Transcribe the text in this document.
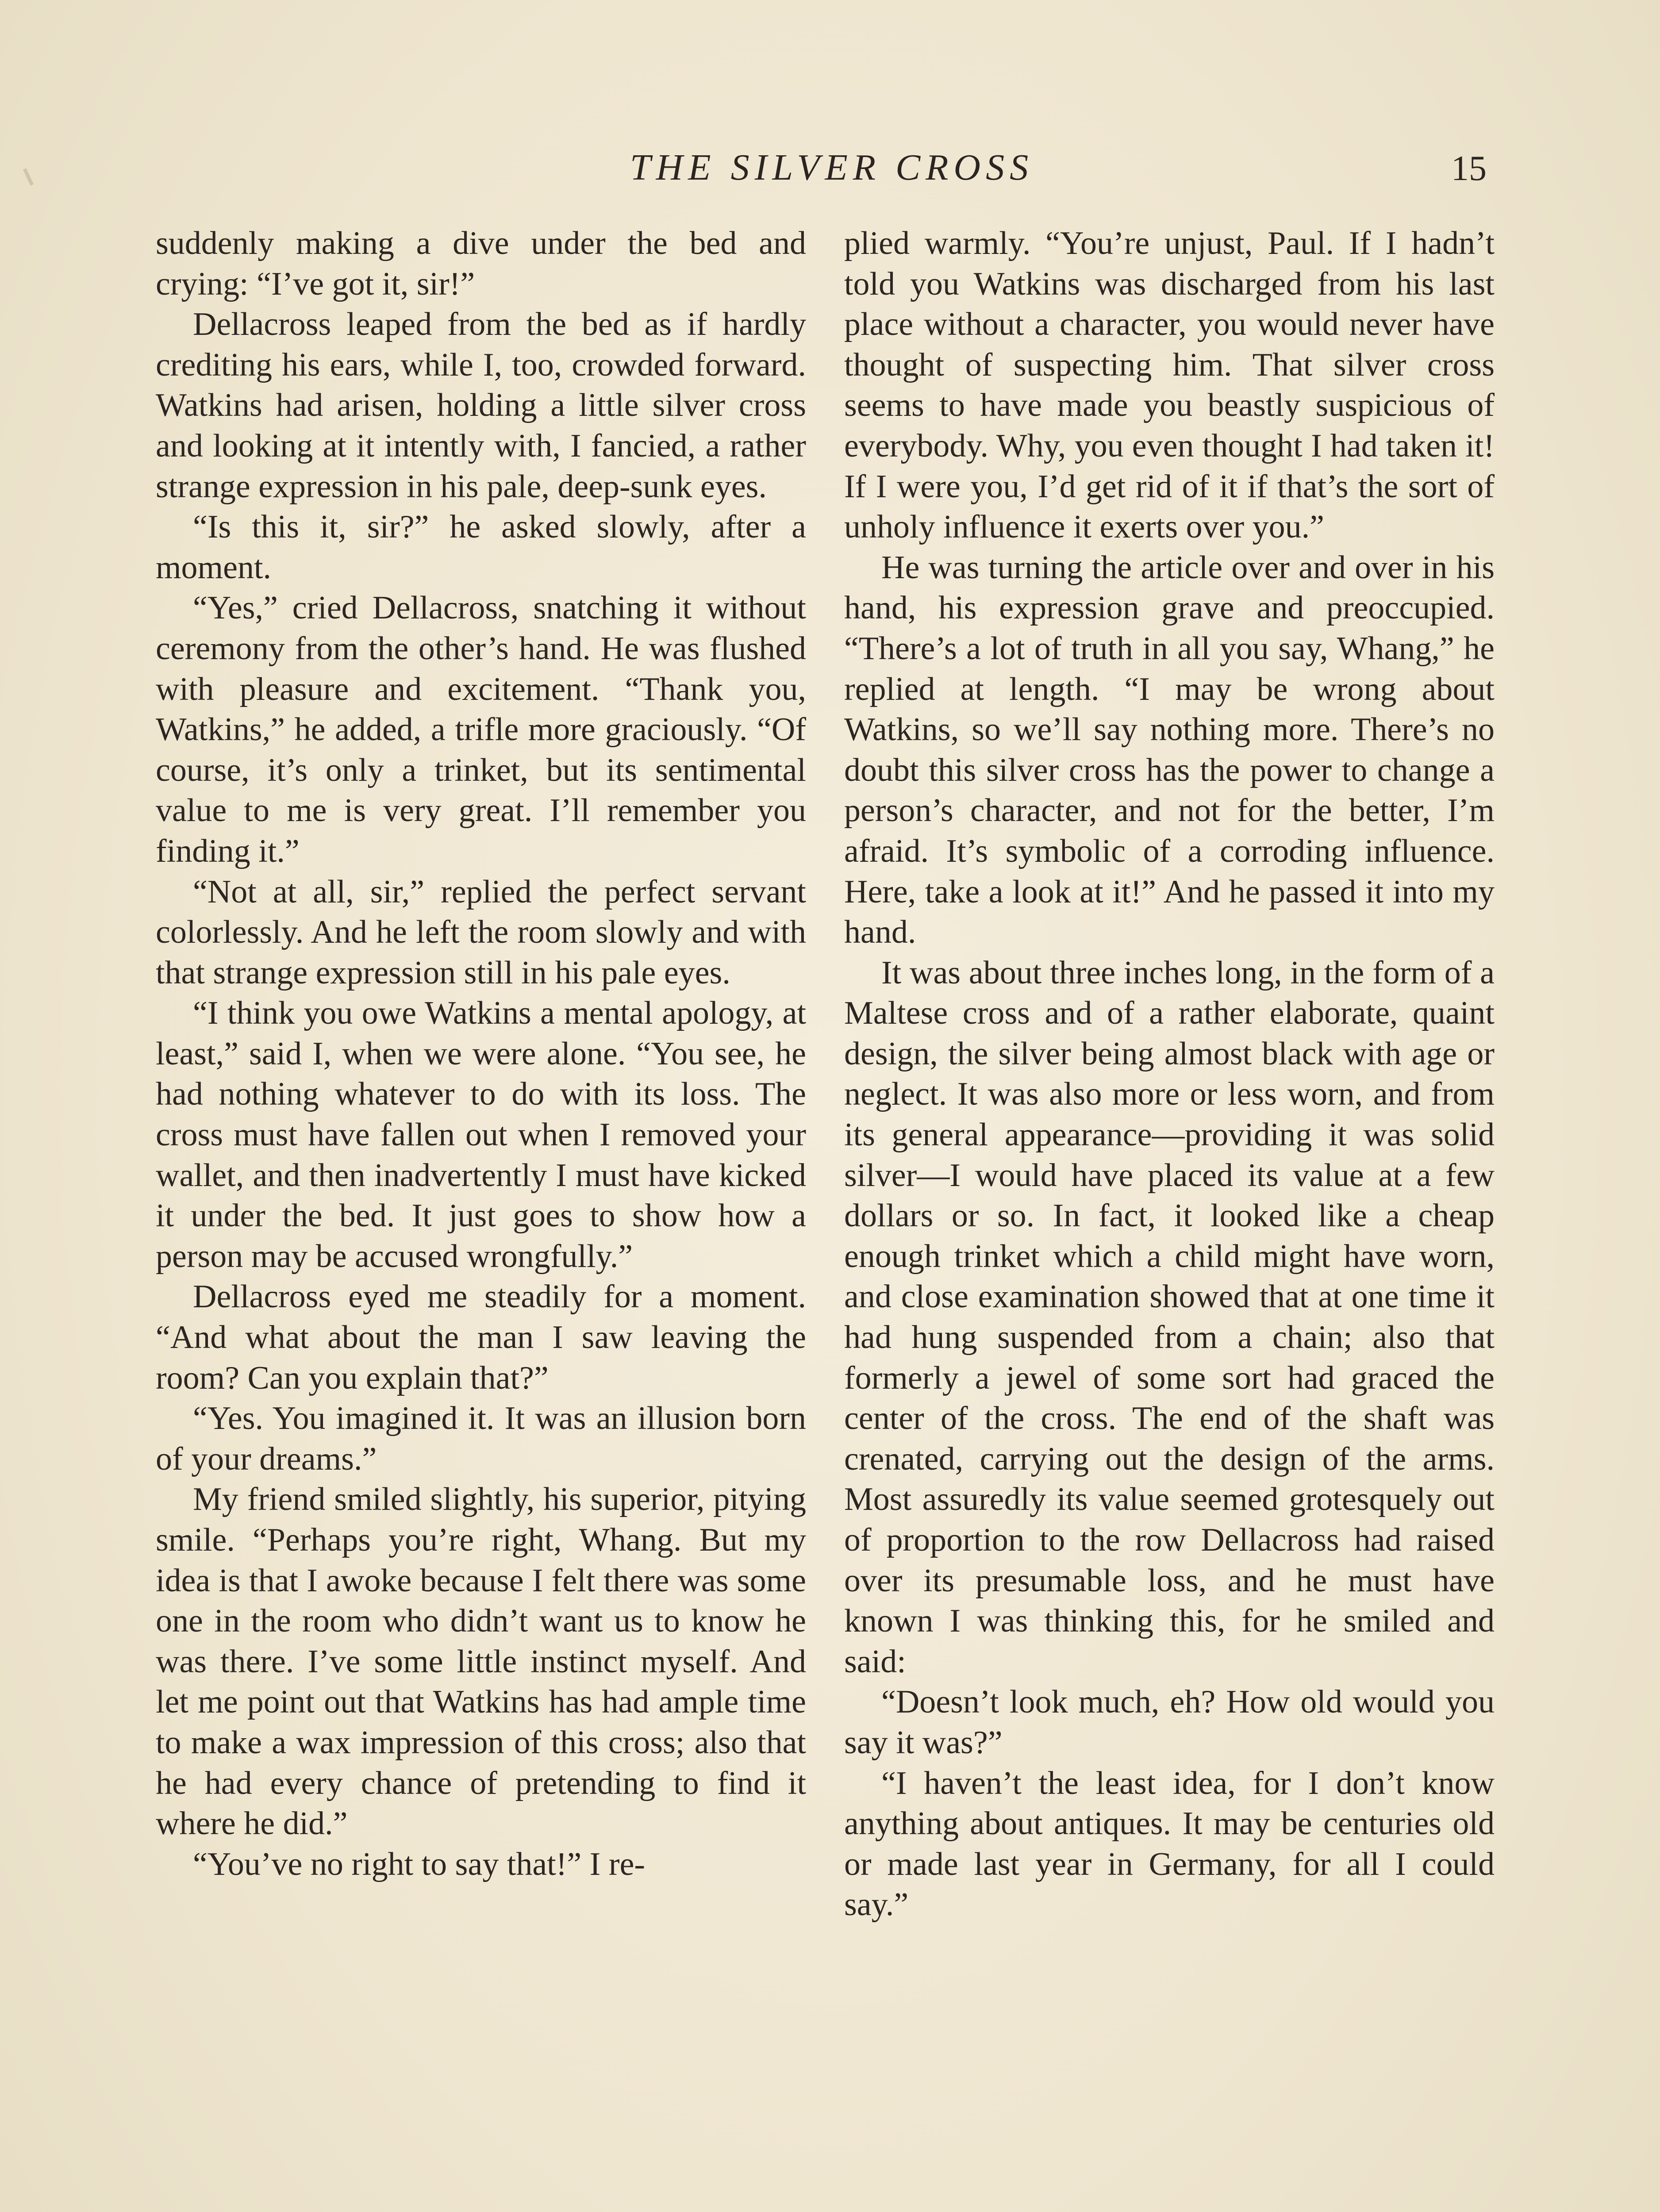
THE SILVER CROSS	15

suddenly making a dive under the bed and crying: “I’ve got it, sir!”

Dellacross leaped from the bed as if hardly crediting his ears, while I, too, crowded forward. Watkins had arisen, holding a little silver cross and looking at it intently with, I fancied, a rather strange expression in his pale, deep-sunk eyes.

“Is this it, sir?” he asked slowly, after a moment.

“Yes,” cried Dellacross, snatching it without ceremony from the other’s hand. He was flushed with pleasure and excitement. “Thank you, Watkins,” he added, a trifle more graciously. “Of course, it’s only a trinket, but its sentimental value to me is very great. I’ll remember you finding it.”

“Not at all, sir,” replied the perfect servant colorlessly. And he left the room slowly and with that strange expression still in his pale eyes.

“I think you owe Watkins a mental apology, at least,” said I, when we were alone. “You see, he had nothing whatever to do with its loss. The cross must have fallen out when I removed your wallet, and then inadvertently I must have kicked it under the bed. It just goes to show how a person may be accused wrongfully.”

Dellacross eyed me steadily for a moment. “And what about the man I saw leaving the room? Can you explain that?”

“Yes. You imagined it. It was an illusion born of your dreams.”

My friend smiled slightly, his superior, pitying smile. “Perhaps you’re right, Whang. But my idea is that I awoke because I felt there was some one in the room who didn’t want us to know he was there. I’ve some little instinct myself. And let me point out that Watkins has had ample time to make a wax impression of this cross; also that he had every chance of pretending to find it where he did.”

“You’ve no right to say that!” I re-

plied warmly. “You’re unjust, Paul. If I hadn’t told you Watkins was discharged from his last place without a character, you would never have thought of suspecting him. That silver cross seems to have made you beastly suspicious of everybody. Why, you even thought I had taken it! If I were you, I’d get rid of it if that’s the sort of unholy influence it exerts over you.”

He was turning the article over and over in his hand, his expression grave and preoccupied. “There’s a lot of truth in all you say, Whang,” he replied at length. “I may be wrong about Watkins, so we’ll say nothing more. There’s no doubt this silver cross has the power to change a person’s character, and not for the better, I’m afraid. It’s symbolic of a corroding influence. Here, take a look at it!” And he passed it into my hand.

It was about three inches long, in the form of a Maltese cross and of a rather elaborate, quaint design, the silver being almost black with age or neglect. It was also more or less worn, and from its general appearance—providing it was solid silver—I would have placed its value at a few dollars or so. In fact, it looked like a cheap enough trinket which a child might have worn, and close examination showed that at one time it had hung suspended from a chain; also that formerly a jewel of some sort had graced the center of the cross. The end of the shaft was crenated, carrying out the design of the arms. Most assuredly its value seemed grotesquely out of proportion to the row Dellacross had raised over its presumable loss, and he must have known I was thinking this, for he smiled and said:

“Doesn’t look much, eh? How old would you say it was?”

“I haven’t the least idea, for I don’t know anything about antiques. It may be centuries old or made last year in Germany, for all I could say.”
